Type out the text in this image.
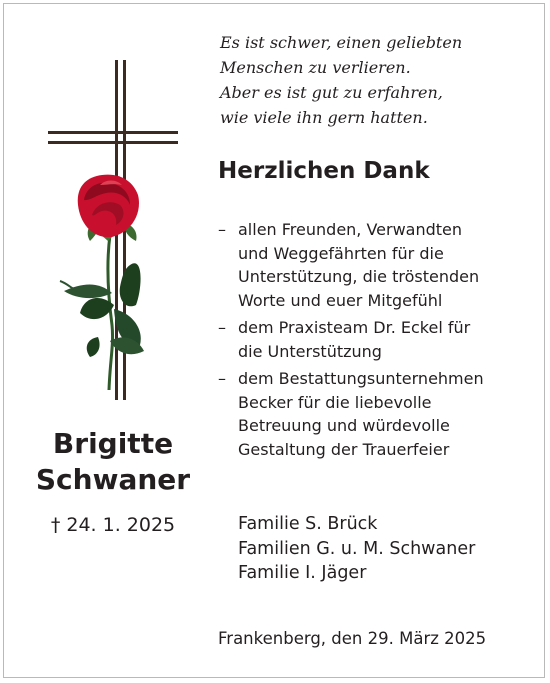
Brigitte
Schwaner
† 24. 1. 2025
Es ist schwer, einen geliebten
Menschen zu verlieren.
Aber es ist gut zu erfahren,
wie viele ihn gern hatten.
Herzlichen Dank
– allen Freunden, Verwandten
und Weggefährten für die
Unterstützung, die tröstenden
Worte und euer Mitgefühl
– dem Praxisteam Dr. Eckel für
die Unterstützung
– dem Bestattungsunternehmen
Becker für die liebevolle
Betreuung und würdevolle
Gestaltung der Trauerfeier
Familie S. Brück
Familien G. u. M. Schwaner
Familie I. Jäger
Frankenberg, den 29. März 2025
